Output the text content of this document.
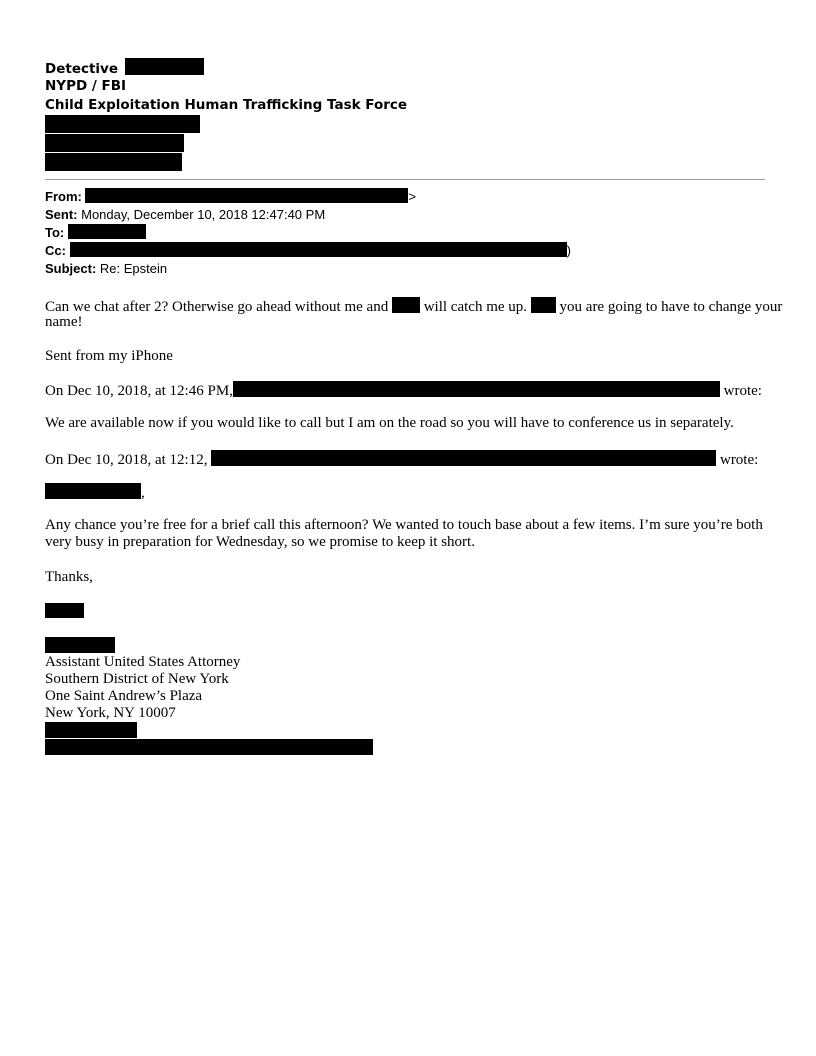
Detective
NYPD / FBI
Child Exploitation Human Trafficking Task Force
From:	>
Sent: Monday, December 10, 2018 12:47:40 PM
To:
Cc:	)
Subject: Re: Epstein
Can we chat after 2? Otherwise go ahead without me and will catch me up. you are going to have to change your
name!
Sent from my iPhone
On Dec 10, 2018, at 12:46 PM,	wrote:
We are available now if you would like to call but I am on the road so you will have to conference us in separately.
On Dec 10, 2018, at 12:12,	wrote:
,
Any chance you’re free for a brief call this afternoon? We wanted to touch base about a few items. I’m sure you’re both
very busy in preparation for Wednesday, so we promise to keep it short.
Thanks,
Assistant United States Attorney
Southern District of New York
One Saint Andrew’s Plaza
New York, NY 10007
